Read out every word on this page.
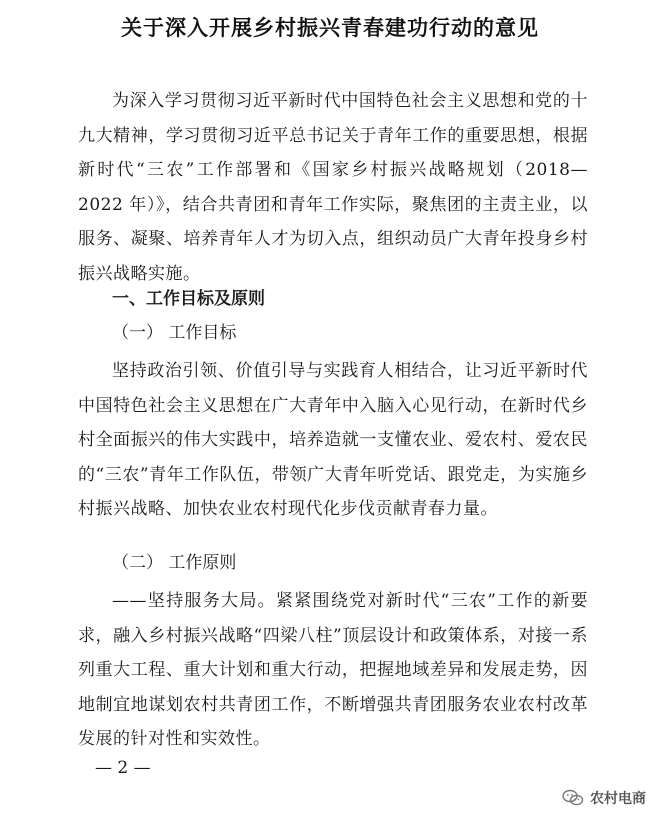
关于深入开展乡村振兴青春建功行动的意见
为深入学习贯彻习近平新时代中国特色社会主义思想和党的十九大精神，学习贯彻习近平总书记关于青年工作的重要思想，根据新时代“三农”工作部署和《国家乡村振兴战略规划（2018—2022 年）》，结合共青团和青年工作实际，聚焦团的主责主业，以服务、凝聚、培养青年人才为切入点，组织动员广大青年投身乡村振兴战略实施。
一、工作目标及原则
（一） 工作目标
坚持政治引领、价值引导与实践育人相结合，让习近平新时代中国特色社会主义思想在广大青年中入脑入心见行动，在新时代乡村全面振兴的伟大实践中，培养造就一支懂农业、爱农村、爱农民的“三农”青年工作队伍，带领广大青年听党话、跟党走，为实施乡村振兴战略、加快农业农村现代化步伐贡献青春力量。
（二） 工作原则
——坚持服务大局。紧紧围绕党对新时代“三农”工作的新要求，融入乡村振兴战略“四梁八柱”顶层设计和政策体系，对接一系列重大工程、重大计划和重大行动，把握地域差异和发展走势，因地制宜地谋划农村共青团工作，不断增强共青团服务农业农村改革发展的针对性和实效性。
— 2 —
农村电商
